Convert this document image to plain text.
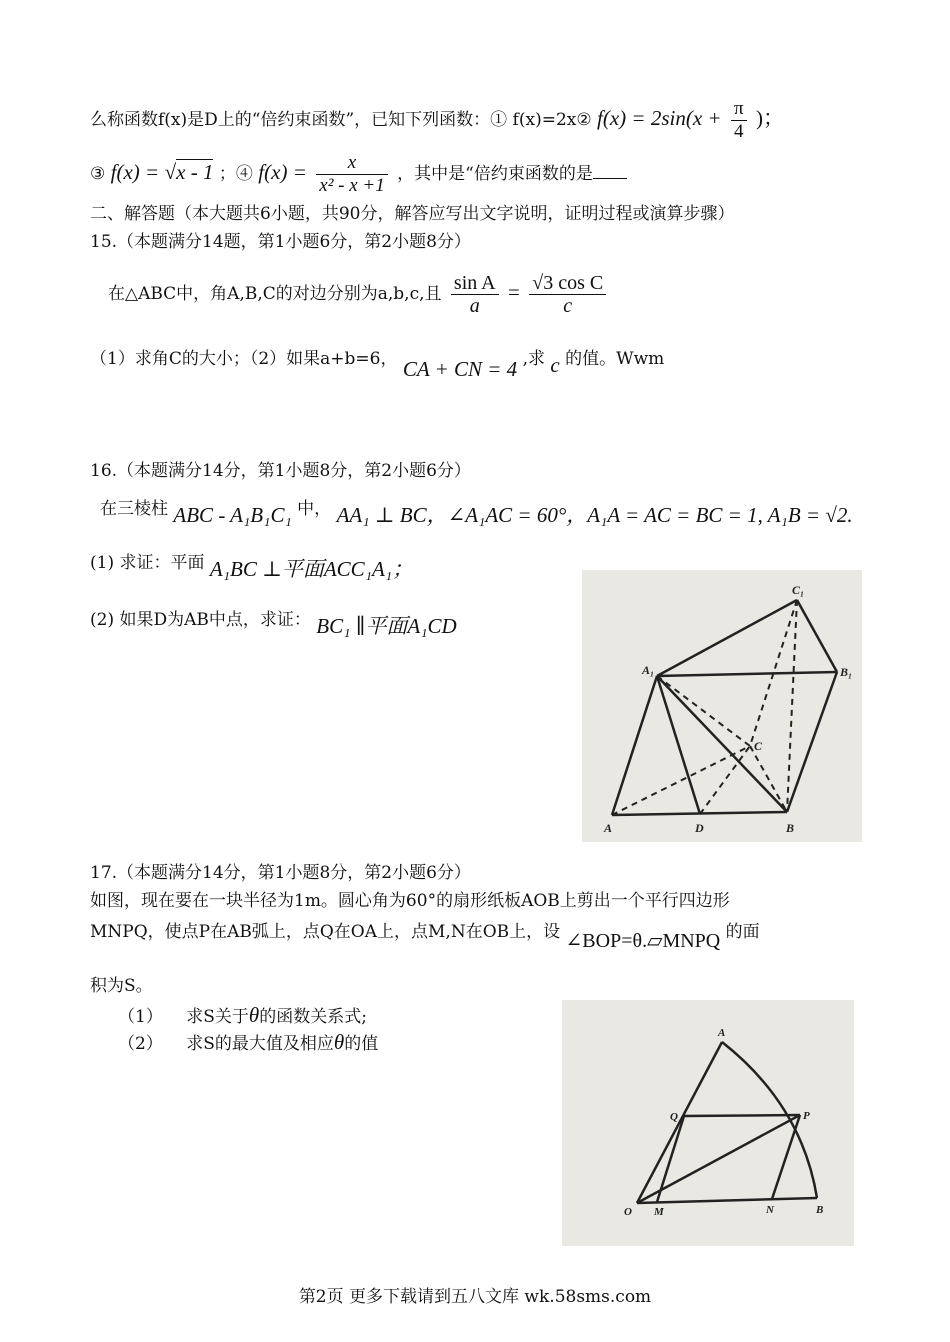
么称函数f(x)是D上的“倍约束函数”，已知下列函数：① f(x)=2x② $f(x) = 2\sin(x + \frac{\pi}{4}$ )；
③ f(x) = √x - 1 ；④ $f(x) = \frac{x}{\text{x² - x +1}}$ ，其中是“倍约束函数的是
二、解答题（本大题共6小题，共90分，解答应写出文字说明，证明过程或演算步骤）
15.（本题满分14题，第1小题6分，第2小题8分）
在△ABC中，角A,B,C的对边分别为a,b,c,且 $\frac{\text{sin A}}{a} = \frac{\text{√3 cos C}}{c}$
（1）求角C的大小；（2）如果a+b=6， CA + CN = 4 ,求 c 的值。Wwm
16.（本题满分14分，第1小题8分，第2小题6分）
在三棱柱 ABC - A₁B₁C₁ 中， AA₁ ⊥ BC，∠A₁AC = 60°，A₁A = AC = BC = 1, A₁B = √2.
(1) 求证：平面 A₁BC ⊥平面ACC₁A₁；
(2) 如果D为AB中点，求证： BC₁ ∥平面A₁CD
C₁
A₁	B₁
C
A	D	B
17.（本题满分14分，第1小题8分，第2小题6分）
如图，现在要在一块半径为1m。圆心角为60°的扇形纸板AOB上剪出一个平行四边形
MNPQ，使点P在AB弧上，点Q在OA上，点M,N在OB上，设 ∠BOP=θ.▱MNPQ 的面
积为S。
（1） 求S关于θ的函数关系式;
（2） 求S的最大值及相应θ的值
A
Q	P
O M	N	B
第2页 更多下载请到五八文库 wk.58sms.com
